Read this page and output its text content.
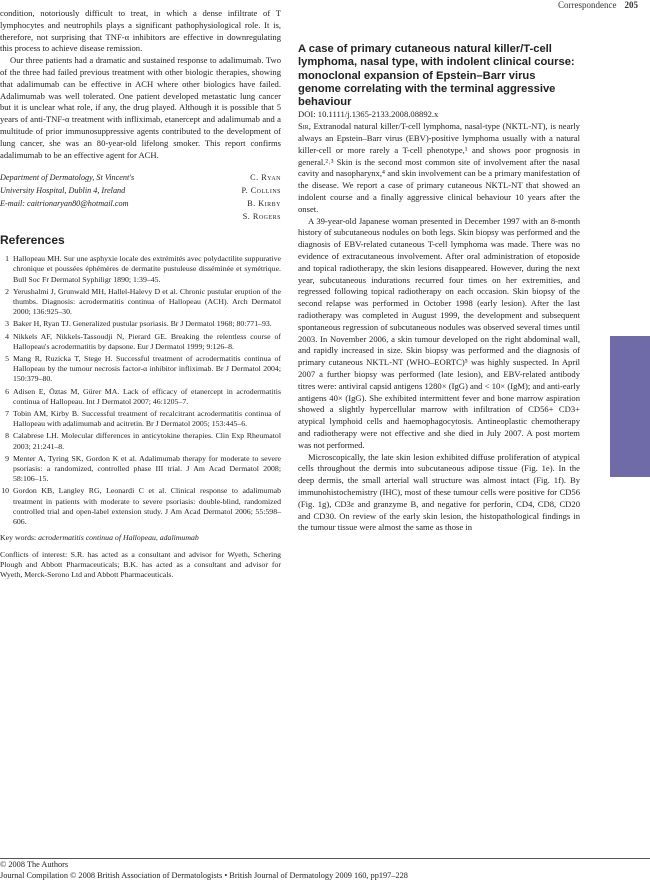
Correspondence 205

condition, notoriously difficult to treat, in which a dense infiltrate of T lymphocytes and neutrophils plays a significant pathophysiological role. It is, therefore, not surprising that TNF-α inhibitors are effective in downregulating this process to achieve disease remission.

Our three patients had a dramatic and sustained response to adalimumab. Two of the three had failed previous treatment with other biologic therapies, showing that adalimumab can be effective in ACH where other biologics have failed. Adalimumab was well tolerated. One patient developed metastatic lung cancer but it is unclear what role, if any, the drug played. Although it is possible that 5 years of anti-TNF-α treatment with infliximab, etanercept and adalimumab and a multitude of prior immunosuppressive agents contributed to the development of lung cancer, she was an 80-year-old lifelong smoker. This report confirms adalimumab to be an effective agent for ACH.

Department of Dermatology, St Vincent's	C. Ryan
University Hospital, Dublin 4, Ireland	P. Collins
E-mail: caitrionaryan80@hotmail.com	B. Kirby
S. Rogers
References
1 Hallopeau MH. Sur une asphyxie locale des extrémités avec polydactilite suppurative chronique et poussées éphémères de dermatite pustuleuse disséminée et symétrique. Bull Soc Fr Dermatol Syphiligr 1890; 1:39–45.
2 Yerushalmi J, Grunwald MH, Hallel-Halevy D et al. Chronic pustular eruption of the thumbs. Diagnosis: acrodermatitis continua of Hallopeau (ACH). Arch Dermatol 2000; 136:925–30.
3 Baker H, Ryan TJ. Generalized pustular psoriasis. Br J Dermatol 1968; 80:771–93.
4 Nikkels AF, Nikkels-Tassoudji N, Pierard GE. Breaking the relentless course of Hallopeau's acrodermatitis by dapsone. Eur J Dermatol 1999; 9:126–8.
5 Mang R, Ruzicka T, Stege H. Successful treatment of acrodermatitis continua of Hallopeau by the tumour necrosis factor-α inhibitor infliximab. Br J Dermatol 2004; 150:379–80.
6 Adisen E, Öztas M, Gürer MA. Lack of efficacy of etanercept in acrodermatitis continua of Hallopeau. Int J Dermatol 2007; 46:1205–7.
7 Tobin AM, Kirby B. Successful treatment of recalcitrant acrodermatitis continua of Hallopeau with adalimumab and acitretin. Br J Dermatol 2005; 153:445–6.
8 Calabrese LH. Molecular differences in anticytokine therapies. Clin Exp Rheumatol 2003; 21:241–8.
9 Menter A, Tyring SK, Gordon K et al. Adalimumab therapy for moderate to severe psoriasis: a randomized, controlled phase III trial. J Am Acad Dermatol 2008; 58:106–15.
10 Gordon KB, Langley RG, Leonardi C et al. Clinical response to adalimumab treatment in patients with moderate to severe psoriasis: double-blind, randomized controlled trial and open-label extension study. J Am Acad Dermatol 2006; 55:598–606.
Key words: acrodermatitis continua of Hallopeau, adalimumab
Conflicts of interest: S.R. has acted as a consultant and advisor for Wyeth, Schering Plough and Abbott Pharmaceuticals; B.K. has acted as a consultant and advisor for Wyeth, Merck-Serono Ltd and Abbott Pharmaceuticals.

A case of primary cutaneous natural killer/T-cell lymphoma, nasal type, with indolent clinical course: monoclonal expansion of Epstein–Barr virus genome correlating with the terminal aggressive behaviour

DOI: 10.1111/j.1365-2133.2008.08892.x

Sir, Extranodal natural killer/T-cell lymphoma, nasal-type (NKTL-NT), is nearly always an Epstein–Barr virus (EBV)-positive lymphoma usually with a natural killer-cell or more rarely a T-cell phenotype,¹ and shows poor prognosis in general.²˒³ Skin is the second most common site of involvement after the nasal cavity and nasopharynx,⁴ and skin involvement can be a primary manifestation of the disease. We report a case of primary cutaneous NKTL-NT that showed an indolent course and a finally aggressive clinical behaviour 10 years after the onset.

A 39-year-old Japanese woman presented in December 1997 with an 8-month history of subcutaneous nodules on both legs. Skin biopsy was performed and the diagnosis of EBV-related cutaneous T-cell lymphoma was made. There was no evidence of extracutaneous involvement. After oral administration of etoposide and topical radiotherapy, the skin lesions disappeared. However, during the next year, subcutaneous indurations recurred four times on her extremities, and regressed following topical radiotherapy on each occasion. Skin biopsy of the second relapse was performed in October 1998 (early lesion). After the last radiotherapy was completed in August 1999, the development and subsequent spontaneous regression of subcutaneous nodules was observed several times until 2003. In November 2006, a skin tumour developed on the right abdominal wall, and rapidly increased in size. Skin biopsy was performed and the diagnosis of primary cutaneous NKTL-NT (WHO–EORTC)⁵ was highly suspected. In April 2007 a further biopsy was performed (late lesion), and EBV-related antibody titres were: antiviral capsid antigens 1280× (IgG) and < 10× (IgM); and anti-early antigens 40× (IgG). She exhibited intermittent fever and bone marrow aspiration showed a slightly hypercellular marrow with infiltration of CD56+ CD3+ atypical lymphoid cells and haemophagocytosis. Antineoplastic chemotherapy and radiotherapy were not effective and she died in July 2007. A post mortem was not performed.

Microscopically, the late skin lesion exhibited diffuse proliferation of atypical cells throughout the dermis into subcutaneous adipose tissue (Fig. 1e). In the deep dermis, the small arterial wall structure was almost intact (Fig. 1f). By immunohistochemistry (IHC), most of these tumour cells were positive for CD56 (Fig. 1g), CD3ε and granzyme B, and negative for perforin, CD4, CD8, CD20 and CD30. On review of the early skin lesion, the histopathological findings in the tumour tissue were almost the same as those in

© 2008 The Authors
Journal Compilation © 2008 British Association of Dermatologists • British Journal of Dermatology 2009 160, pp197–228
